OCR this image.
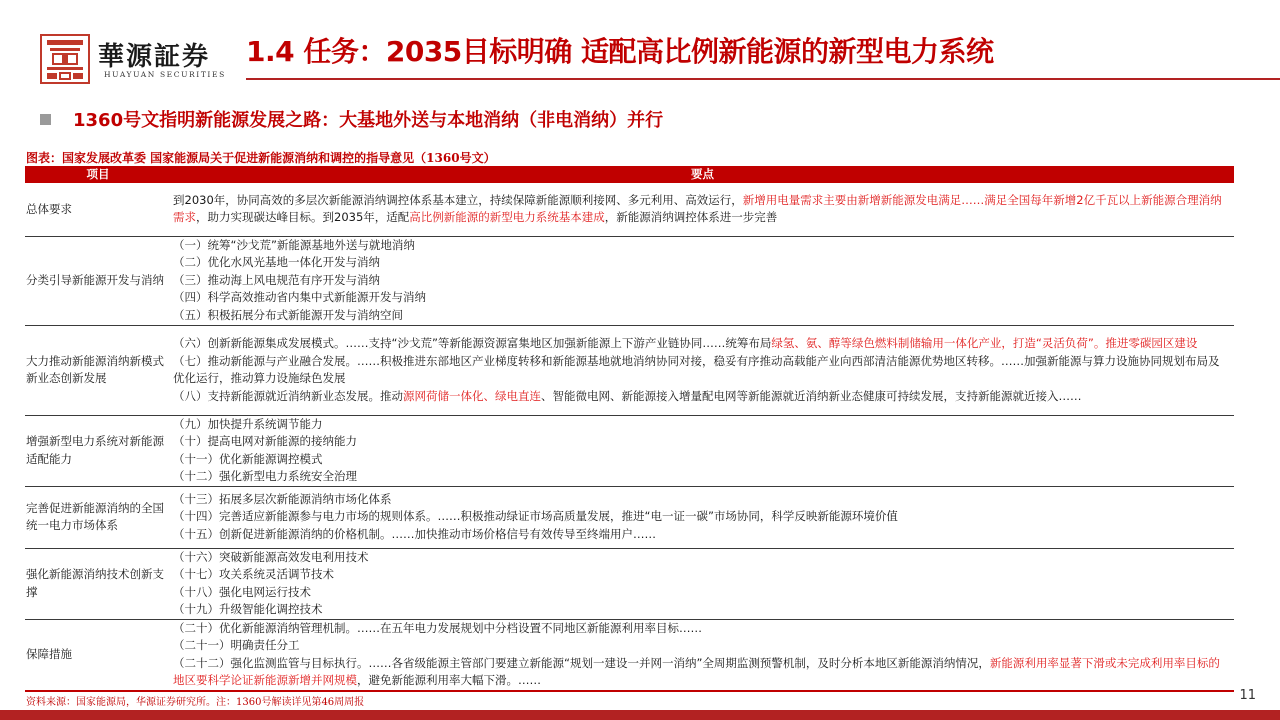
華源証券
HUAYUAN SECURITIES
1.4 任务：2035目标明确 适配高比例新能源的新型电力系统
1360号文指明新能源发展之路：大基地外送与本地消纳（非电消纳）并行
图表：国家发展改革委 国家能源局关于促进新能源消纳和调控的指导意见（1360号文）
项目	要点
总体要求	到2030年，协同高效的多层次新能源消纳调控体系基本建立，持续保障新能源顺利接网、多元利用、高效运行，新增用电量需求主要由新增新能源发电满足……满足全国每年新增2亿千瓦以上新能源合理消纳需求，助力实现碳达峰目标。到2035年，适配高比例新能源的新型电力系统基本建成，新能源消纳调控体系进一步完善

分类引导新能源开发与消纳	（一）统筹“沙戈荒”新能源基地外送与就地消纳
（二）优化水风光基地一体化开发与消纳
（三）推动海上风电规范有序开发与消纳
（四）科学高效推动省内集中式新能源开发与消纳
（五）积极拓展分布式新能源开发与消纳空间

大力推动新能源消纳新模式新业态创新发展	（六）创新新能源集成发展模式。……支持“沙戈荒”等新能源资源富集地区加强新能源上下游产业链协同……统筹布局绿氢、氨、醇等绿色燃料制储输用一体化产业，打造“灵活负荷”。推进零碳园区建设
（七）推动新能源与产业融合发展。……积极推进东部地区产业梯度转移和新能源基地就地消纳协同对接，稳妥有序推动高载能产业向西部清洁能源优势地区转移。……加强新能源与算力设施协同规划布局及优化运行，推动算力设施绿色发展
（八）支持新能源就近消纳新业态发展。推动源网荷储一体化、绿电直连、智能微电网、新能源接入增量配电网等新能源就近消纳新业态健康可持续发展，支持新能源就近接入……

增强新型电力系统对新能源适配能力	（九）加快提升系统调节能力
（十）提高电网对新能源的接纳能力
（十一）优化新能源调控模式
（十二）强化新型电力系统安全治理

完善促进新能源消纳的全国统一电力市场体系	（十三）拓展多层次新能源消纳市场化体系
（十四）完善适应新能源参与电力市场的规则体系。……积极推动绿证市场高质量发展，推进“电一证一碳”市场协同，科学反映新能源环境价值
（十五）创新促进新能源消纳的价格机制。……加快推动市场价格信号有效传导至终端用户……

强化新能源消纳技术创新支撑	（十六）突破新能源高效发电利用技术
（十七）攻关系统灵活调节技术
（十八）强化电网运行技术
（十九）升级智能化调控技术

保障措施	（二十）优化新能源消纳管理机制。……在五年电力发展规划中分档设置不同地区新能源利用率目标……
（二十一）明确责任分工
（二十二）强化监测监管与目标执行。……各省级能源主管部门要建立新能源“规划一建设一并网一消纳”全周期监测预警机制，及时分析本地区新能源消纳情况，新能源利用率显著下滑或未完成利用率目标的地区要科学论证新能源新增并网规模，避免新能源利用率大幅下滑。……
资料来源：国家能源局，华源证券研究所。注：1360号解读详见第46周周报	11
